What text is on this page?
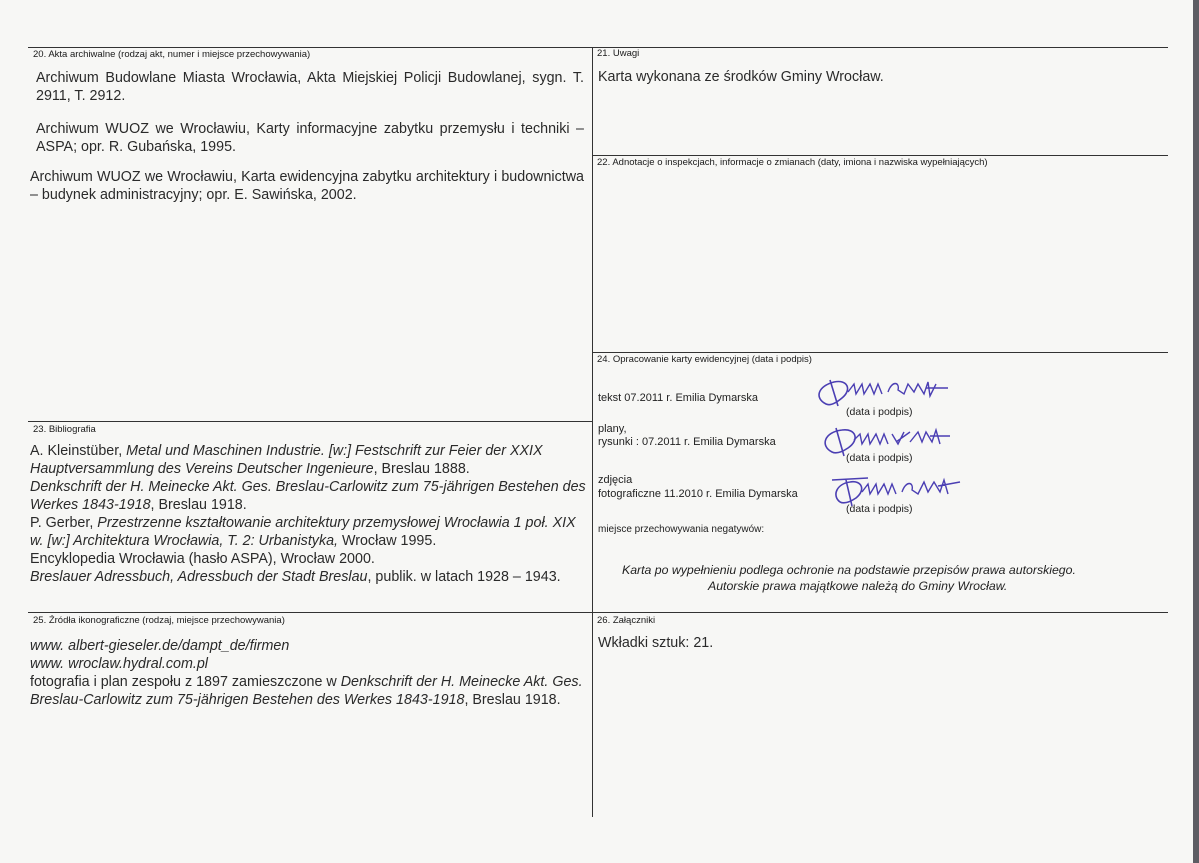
20. Akta archiwalne (rodzaj akt, numer i miejsce przechowywania)
Archiwum Budowlane Miasta Wrocławia, Akta Miejskiej Policji Budowlanej, sygn. T. 2911, T. 2912.
Archiwum WUOZ we Wrocławiu, Karty informacyjne zabytku przemysłu i techniki – ASPA; opr. R. Gubańska, 1995.
Archiwum WUOZ we Wrocławiu, Karta ewidencyjna zabytku architektury i budownictwa – budynek administracyjny; opr. E. Sawińska, 2002.
21. Uwagi
Karta wykonana ze środków Gminy Wrocław.
22. Adnotacje o inspekcjach, informacje o zmianach (daty, imiona i nazwiska wypełniających)
24. Opracowanie karty ewidencyjnej (data i podpis)
tekst 07.2011 r. Emilia Dymarska
plany,
rysunki : 07.2011 r. Emilia Dymarska
zdjęcia
fotograficzne 11.2010 r. Emilia Dymarska
(data i podpis)
(data i podpis)
(data i podpis)
miejsce przechowywania negatywów:
Karta po wypełnieniu podlega ochronie na podstawie przepisów prawa autorskiego.
Autorskie prawa majątkowe należą do Gminy Wrocław.
23. Bibliografia
A. Kleinstüber, Metal und Maschinen Industrie. [w:] Festschrift zur Feier der XXIX Hauptversammlung des Vereins Deutscher Ingenieure, Breslau 1888.
Denkschrift der H. Meinecke Akt. Ges. Breslau-Carlowitz zum 75-jährigen Bestehen des Werkes 1843-1918, Breslau 1918.
P. Gerber, Przestrzenne kształtowanie architektury przemysłowej Wrocławia 1 poł. XIX w. [w:] Architektura Wrocławia, T. 2: Urbanistyka, Wrocław 1995.
Encyklopedia Wrocławia (hasło ASPA), Wrocław 2000.
Breslauer Adressbuch, Adressbuch der Stadt Breslau, publik. w latach 1928 – 1943.
25. Źródła ikonograficzne (rodzaj, miejsce przechowywania)
www. albert-gieseler.de/dampt_de/firmen
www. wroclaw.hydral.com.pl
fotografia i plan zespołu z 1897 zamieszczone w Denkschrift der H. Meinecke Akt. Ges. Breslau-Carlowitz zum 75-jährigen Bestehen des Werkes 1843-1918, Breslau 1918.
26. Załączniki
Wkładki sztuk: 21.
